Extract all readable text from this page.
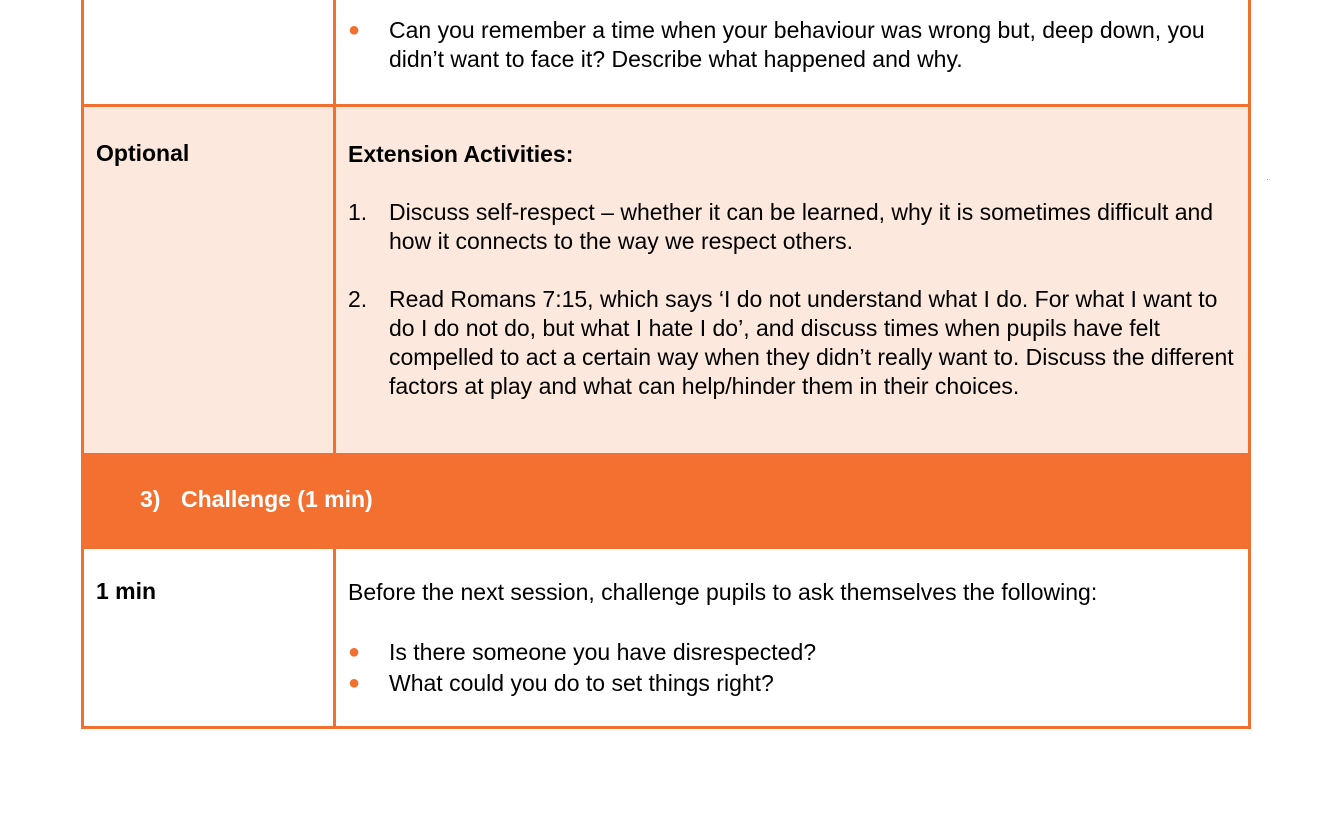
●	Can you remember a time when your behaviour was wrong but, deep down, you didn’t want to face it? Describe what happened and why.
Optional	Extension Activities:
1. Discuss self-respect – whether it can be learned, why it is sometimes difficult and how it connects to the way we respect others.
2. Read Romans 7:15, which says ‘I do not understand what I do. For what I want to do I do not do, but what I hate I do’, and discuss times when pupils have felt compelled to act a certain way when they didn’t really want to. Discuss the different factors at play and what can help/hinder them in their choices.
3) Challenge (1 min)
1 min	Before the next session, challenge pupils to ask themselves the following:
●	Is there someone you have disrespected?
●	What could you do to set things right?
